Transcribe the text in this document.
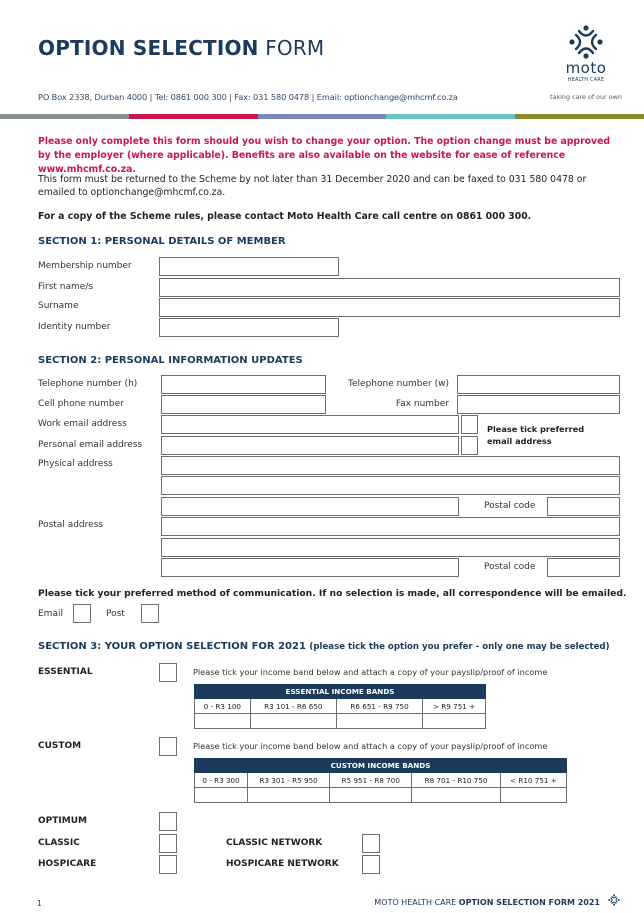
OPTION SELECTION FORM
PO Box 2338, Durban 4000 | Tel: 0861 000 300 | Fax: 031 580 0478 | Email: optionchange@mhcmf.co.za
moto
HEALTH CARE
taking care of our own
Please only complete this form should you wish to change your option. The option change must be approved by the employer (where applicable). Benefits are also available on the website for ease of reference www.mhcmf.co.za.
This form must be returned to the Scheme by not later than 31 December 2020 and can be faxed to 031 580 0478 or emailed to optionchange@mhcmf.co.za.
For a copy of the Scheme rules, please contact Moto Health Care call centre on 0861 000 300.
SECTION 1: PERSONAL DETAILS OF MEMBER
Membership number
First name/s
Surname
Identity number
SECTION 2: PERSONAL INFORMATION UPDATES
Telephone number (h)	Telephone number (w)
Cell phone number	Fax number
Work email address
Personal email address
Please tick preferred email address
Physical address
Postal code
Postal address
Postal code
Please tick your preferred method of communication. If no selection is made, all correspondence will be emailed.
Email	Post
SECTION 3: YOUR OPTION SELECTION FOR 2021 (please tick the option you prefer - only one may be selected)
ESSENTIAL	Please tick your income band below and attach a copy of your payslip/proof of income
ESSENTIAL INCOME BANDS			
0 - R3 100	R3 101 - R6 650	R6 651 - R9 750	> R9 751 +

CUSTOM	Please tick your income band below and attach a copy of your payslip/proof of income
CUSTOM INCOME BANDS				
0 - R3 300	R3 301 - R5 950	R5 951 - R8 700	R8 701 - R10 750	< R10 751 +

OPTIMUM
CLASSIC	CLASSIC NETWORK
HOSPICARE	HOSPICARE NETWORK
1	MOTO HEALTH CARE OPTION SELECTION FORM 2021
